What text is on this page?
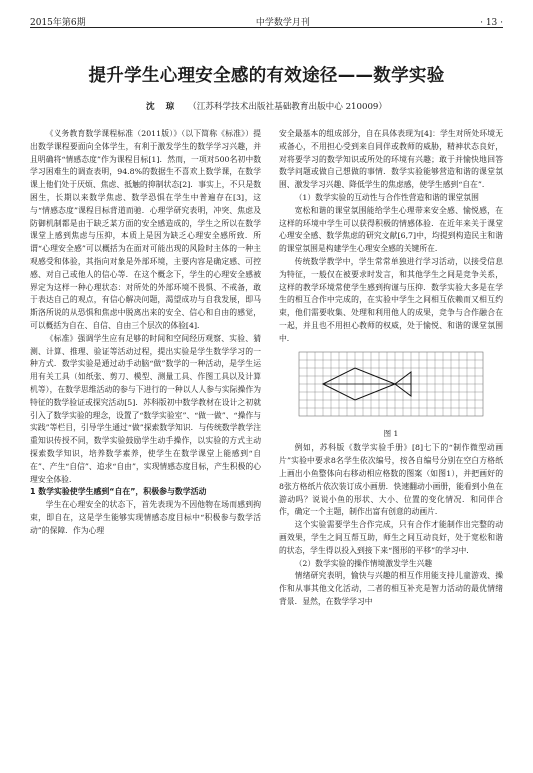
2015年第6期	中学数学月刊	· 13 ·
提升学生心理安全感的有效途径——数学实验
沈 琼 （江苏科学技术出版社基础教育出版中心 210009）

《义务教育数学课程标准（2011版）》（以下简称《标准》）提出数学课程要面向全体学生，有利于激发学生的数学学习兴趣，并且明确将“情感态度”作为课程目标[1]．然而，一项对500名初中数学习困难生的调查表明，94.8%的数据生不喜欢上数学课，在数学课上他们处于厌烦、焦虑、抵触的抑制状态[2]．事实上，不只是数困生，长期以来数学焦虑、数学恐惧在学生中普遍存在[3]，这与“情感态度”课程目标背道而驰．心理学研究表明，冲突、焦虑及防御机制都是由于缺乏某方面的安全感造成的，学生之所以在数学课堂上感到焦虑与压抑，本质上是因为缺乏心理安全感所致．所谓“心理安全感”可以概括为在面对可能出现的风险时主体的一种主观感受和体验，其指向对象是外部环境，主要内容是确定感、可控感、对自己或他人的信心等．在这个概念下，学生的心理安全感被界定为这样一种心理状态：对所处的外部环境不畏惧、不戒备，敢于表达自己的观点，有信心解决问题，渴望成功与自我发展，即马斯洛所说的从恐惧和焦虑中脱离出来的安全、信心和自由的感觉，可以概括为自在、自信、自由三个层次的体验[4]．

《标准》强调学生应有足够的时间和空间经历观察、实验、猜测、计算、推理、验证等活动过程，提出实验是学生数学学习的一种方式．数学实验是通过动手动脑“做”数学的一种活动，是学生运用有关工具（如纸张、剪刀、模型、测量工具、作图工具以及计算机等），在数学思维活动的参与下进行的一种以人人参与实际操作为特征的数学验证或探究活动[5]．苏科版初中数学教材在设计之初就引入了数学实验的理念，设置了“数学实验室”、“做一做”、“操作与实践”等栏目，引导学生通过“做”探索数学知识．与传统数学教学注重知识传授不同，数学实验鼓励学生动手操作，以实验的方式主动探索数学知识，培养数学素养，使学生在数学课堂上能感到“自在”、产生“自信”、追求“自由”，实现情感态度目标，产生积极的心理安全体验．

1 数学实验使学生感到“自在”，积极参与数学活动

学生在心理安全的状态下，首先表现为不因他物在场而感到拘束，即自在，这是学生能够实现情感态度目标中“积极参与数学活动”的保障．作为心理

安全最基本的组成部分，自在具体表现为[4]：学生对所处环境无戒备心，不用担心受到来自同伴或教师的威胁，精神状态良好，对将要学习的数学知识或所处的环境有兴趣；敢于并愉快地回答数学问题或做自己想做的事情．数学实验能够营造和谐的课堂氛围、激发学习兴趣、降低学生的焦虑感，使学生感到“自在”．

（1）数学实验的互动性与合作性营造和谐的课堂氛围

宽松和谐的课堂氛围能给学生心理带来安全感、愉悦感，在这样的环境中学生可以获得积极的情感体验．在近年来关于课堂心理安全感、数学焦虑的研究文献[6,7]中，均提到构造民主和谐的课堂氛围是构建学生心理安全感的关键所在．

传统数学教学中，学生常常单独进行学习活动，以接受信息为特征，一般仅在被要求时发言，和其他学生之间是竞争关系，这样的教学环境常使学生感到拘谨与压抑．数学实验大多是在学生的相互合作中完成的，在实验中学生之间相互依赖而又相互约束，他们需要收集、处理和利用他人的成果，竞争与合作融合在一起，并且也不用担心教师的权威，处于愉悦、和谐的课堂氛围中．

图 1

例如，苏科版《数学实验手册》[8]七下的“制作微型动画片”实验中要求8名学生依次编号，按各自编号分别在空白方格纸上画出小鱼整体向右移动相应格数的图案（如图1），并把画好的8张方格纸片依次装订成小画册．快速翻动小画册，能看到小鱼在游动吗？说说小鱼的形状、大小、位置的变化情况．和同伴合作，确定一个主题，制作出富有创意的动画片．

这个实验需要学生合作完成，只有合作才能制作出完整的动画效果，学生之间互帮互助，师生之间互动良好，处于宽松和谐的状态，学生得以投入到接下来“图形的平移”的学习中．

（2）数学实验的操作情境激发学生兴趣

情绪研究表明，愉快与兴趣的相互作用能支持儿童游戏、操作和从事其他文化活动，二者的相互补充是智力活动的最优情绪背景．显然，在数学学习中
